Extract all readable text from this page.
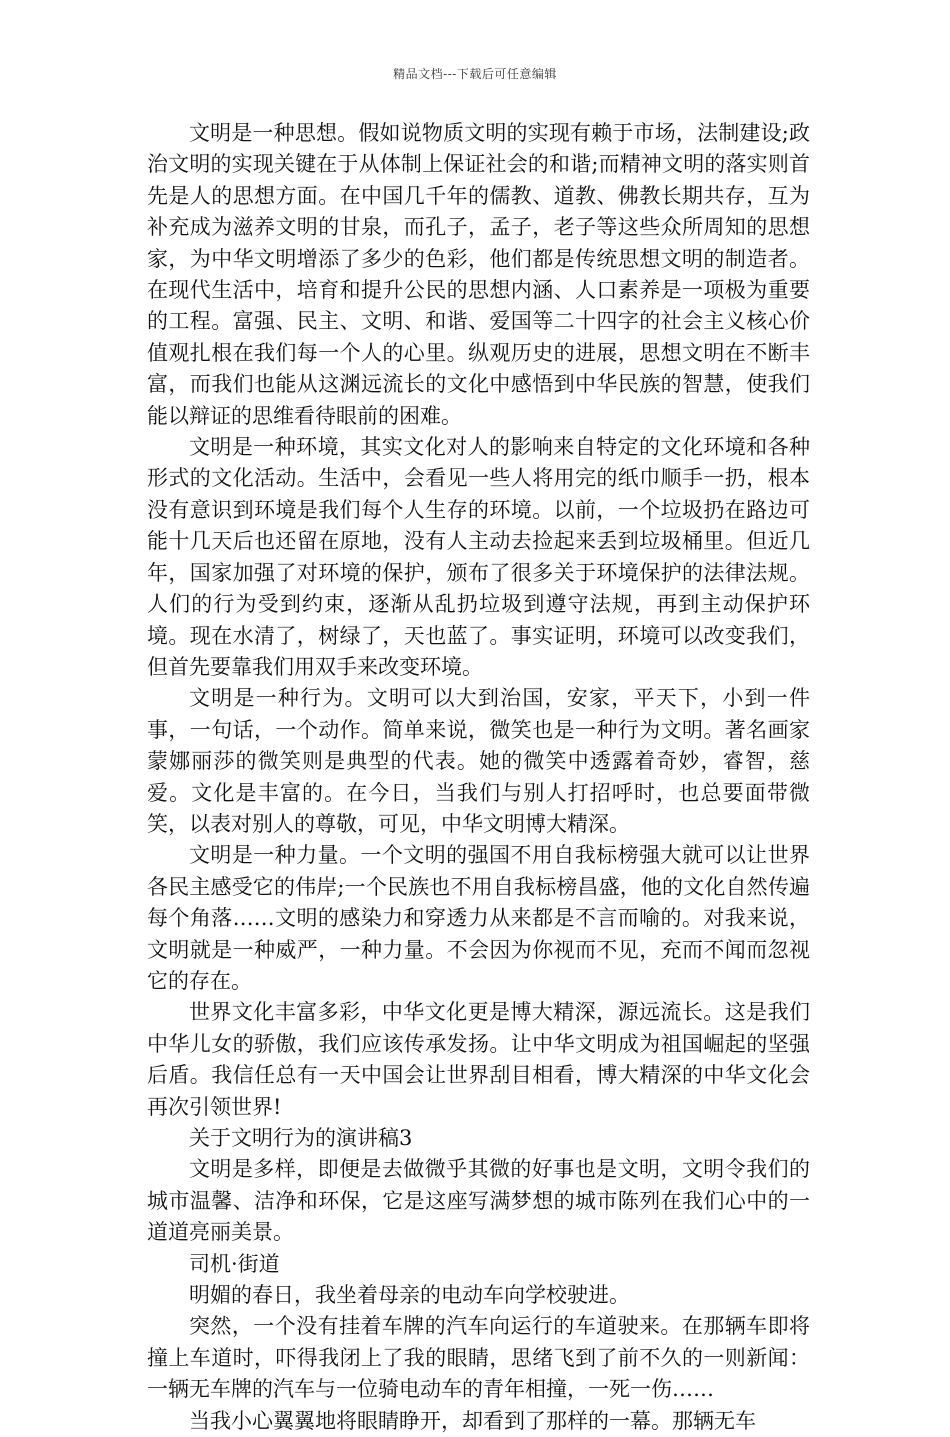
精品文档---下载后可任意编辑

文明是一种思想。假如说物质文明的实现有赖于市场，法制建设;政治文明的实现关键在于从体制上保证社会的和谐;而精神文明的落实则首先是人的思想方面。在中国几千年的儒教、道教、佛教长期共存，互为补充成为滋养文明的甘泉，而孔子，孟子，老子等这些众所周知的思想家，为中华文明增添了多少的色彩，他们都是传统思想文明的制造者。在现代生活中，培育和提升公民的思想内涵、人口素养是一项极为重要的工程。富强、民主、文明、和谐、爱国等二十四字的社会主义核心价值观扎根在我们每一个人的心里。纵观历史的进展，思想文明在不断丰富，而我们也能从这渊远流长的文化中感悟到中华民族的智慧，使我们能以辩证的思维看待眼前的困难。

文明是一种环境，其实文化对人的影响来自特定的文化环境和各种形式的文化活动。生活中，会看见一些人将用完的纸巾顺手一扔，根本没有意识到环境是我们每个人生存的环境。以前，一个垃圾扔在路边可能十几天后也还留在原地，没有人主动去捡起来丢到垃圾桶里。但近几年，国家加强了对环境的保护，颁布了很多关于环境保护的法律法规。人们的行为受到约束，逐渐从乱扔垃圾到遵守法规，再到主动保护环境。现在水清了，树绿了，天也蓝了。事实证明，环境可以改变我们，但首先要靠我们用双手来改变环境。

文明是一种行为。文明可以大到治国，安家，平天下，小到一件事，一句话，一个动作。简单来说，微笑也是一种行为文明。著名画家蒙娜丽莎的微笑则是典型的代表。她的微笑中透露着奇妙，睿智，慈爱。文化是丰富的。在今日，当我们与别人打招呼时，也总要面带微笑，以表对别人的尊敬，可见，中华文明博大精深。

文明是一种力量。一个文明的强国不用自我标榜强大就可以让世界各民主感受它的伟岸;一个民族也不用自我标榜昌盛，他的文化自然传遍每个角落……文明的感染力和穿透力从来都是不言而喻的。对我来说，文明就是一种威严，一种力量。不会因为你视而不见，充而不闻而忽视它的存在。

世界文化丰富多彩，中华文化更是博大精深，源远流长。这是我们中华儿女的骄傲，我们应该传承发扬。让中华文明成为祖国崛起的坚强后盾。我信任总有一天中国会让世界刮目相看，博大精深的中华文化会再次引领世界!

关于文明行为的演讲稿3

文明是多样，即便是去做微乎其微的好事也是文明，文明令我们的城市温馨、洁净和环保，它是这座写满梦想的城市陈列在我们心中的一道道亮丽美景。

司机·街道

明媚的春日，我坐着母亲的电动车向学校驶进。

突然，一个没有挂着车牌的汽车向运行的车道驶来。在那辆车即将撞上车道时，吓得我闭上了我的眼睛，思绪飞到了前不久的一则新闻：一辆无车牌的汽车与一位骑电动车的青年相撞，一死一伤……

当我小心翼翼地将眼睛睁开，却看到了那样的一幕。那辆无车
